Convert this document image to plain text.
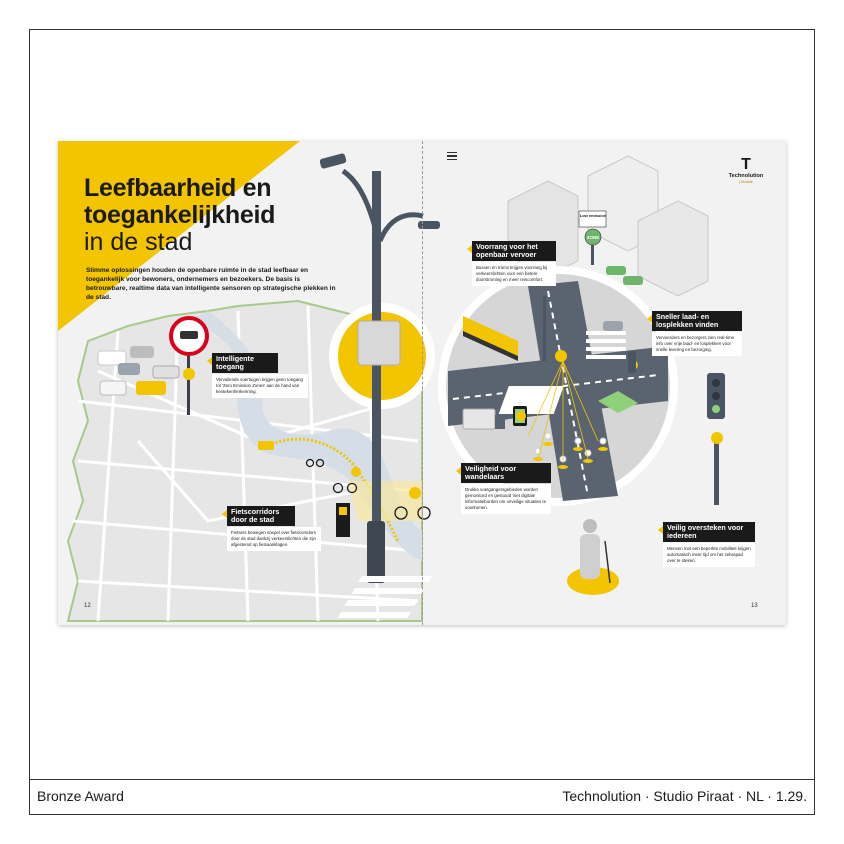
Leefbaarheid en
toegankelijkheid
in de stad
Slimme oplossingen houden de openbare ruimte in de stad leefbaar en toegankelijk voor bewoners, ondernemers en bezoekers. De basis is betrouwbare, realtime data van intelligente sensoren op strategische plekken in de stad.
T
Technolution
| Mobile
Low emission
ZONE
Intelligente toegang
Vervuilende voertuigen krijgen geen toegang tot 'Zero Emission Zones' aan de hand van kentekenherkenning.
Fietscorridors door de stad
Fietsers bewegen soepel over fietscorridors door de stad dankzij verkeerslichten die zijn afgestemd op fietsaanklagen.
Voorrang voor het openbaar vervoer
Bussen en trams krijgen voorrang bij verkeerslichten voor een betere doorstroming en meer reiscomfort.
Sneller laad- en losplekken vinden
Vervoerders en bezorgers zien real-time info over vrije laad- en losplekken voor snelle levering en bezorging.
Veiligheid voor wandelaars
Drukke voetgangersgebieden worden gemonitord en gestuurd met digitale informatieborden om onveilige situaties te voorkomen.
Veilig oversteken voor iedereen
Mensen met een beperkte mobiliteit krijgen automatisch meer tijd om het zebrapad over te steken.
12	13
Bronze Award	Technolution · Studio Piraat · NL · 1.29.
